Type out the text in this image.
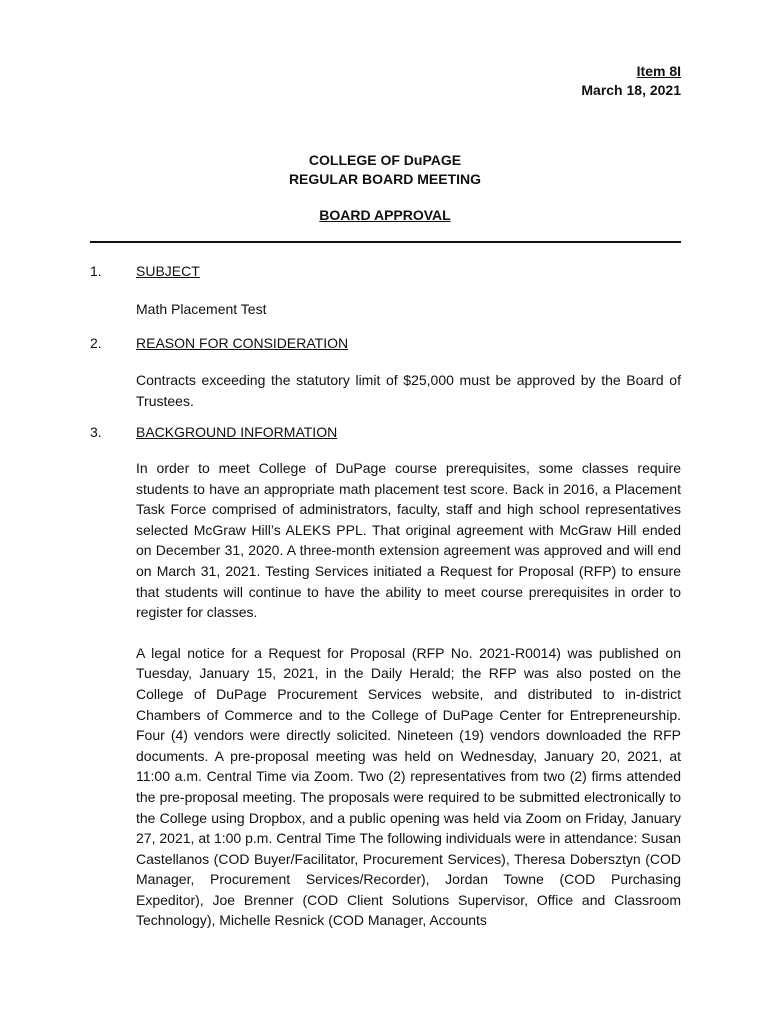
Item 8I
March 18, 2021
COLLEGE OF DuPAGE
REGULAR BOARD MEETING
BOARD APPROVAL
1.	SUBJECT
Math Placement Test
2.	REASON FOR CONSIDERATION
Contracts exceeding the statutory limit of $25,000 must be approved by the Board of Trustees.
3.	BACKGROUND INFORMATION
In order to meet College of DuPage course prerequisites, some classes require students to have an appropriate math placement test score. Back in 2016, a Placement Task Force comprised of administrators, faculty, staff and high school representatives selected McGraw Hill’s ALEKS PPL. That original agreement with McGraw Hill ended on December 31, 2020. A three-month extension agreement was approved and will end on March 31, 2021. Testing Services initiated a Request for Proposal (RFP) to ensure that students will continue to have the ability to meet course prerequisites in order to register for classes.
A legal notice for a Request for Proposal (RFP No. 2021-R0014) was published on Tuesday, January 15, 2021, in the Daily Herald; the RFP was also posted on the College of DuPage Procurement Services website, and distributed to in-district Chambers of Commerce and to the College of DuPage Center for Entrepreneurship. Four (4) vendors were directly solicited. Nineteen (19) vendors downloaded the RFP documents. A pre-proposal meeting was held on Wednesday, January 20, 2021, at 11:00 a.m. Central Time via Zoom. Two (2) representatives from two (2) firms attended the pre-proposal meeting. The proposals were required to be submitted electronically to the College using Dropbox, and a public opening was held via Zoom on Friday, January 27, 2021, at 1:00 p.m. Central Time The following individuals were in attendance: Susan Castellanos (COD Buyer/Facilitator, Procurement Services), Theresa Dobersztyn (COD Manager, Procurement Services/Recorder), Jordan Towne (COD Purchasing Expeditor), Joe Brenner (COD Client Solutions Supervisor, Office and Classroom Technology), Michelle Resnick (COD Manager, Accounts
